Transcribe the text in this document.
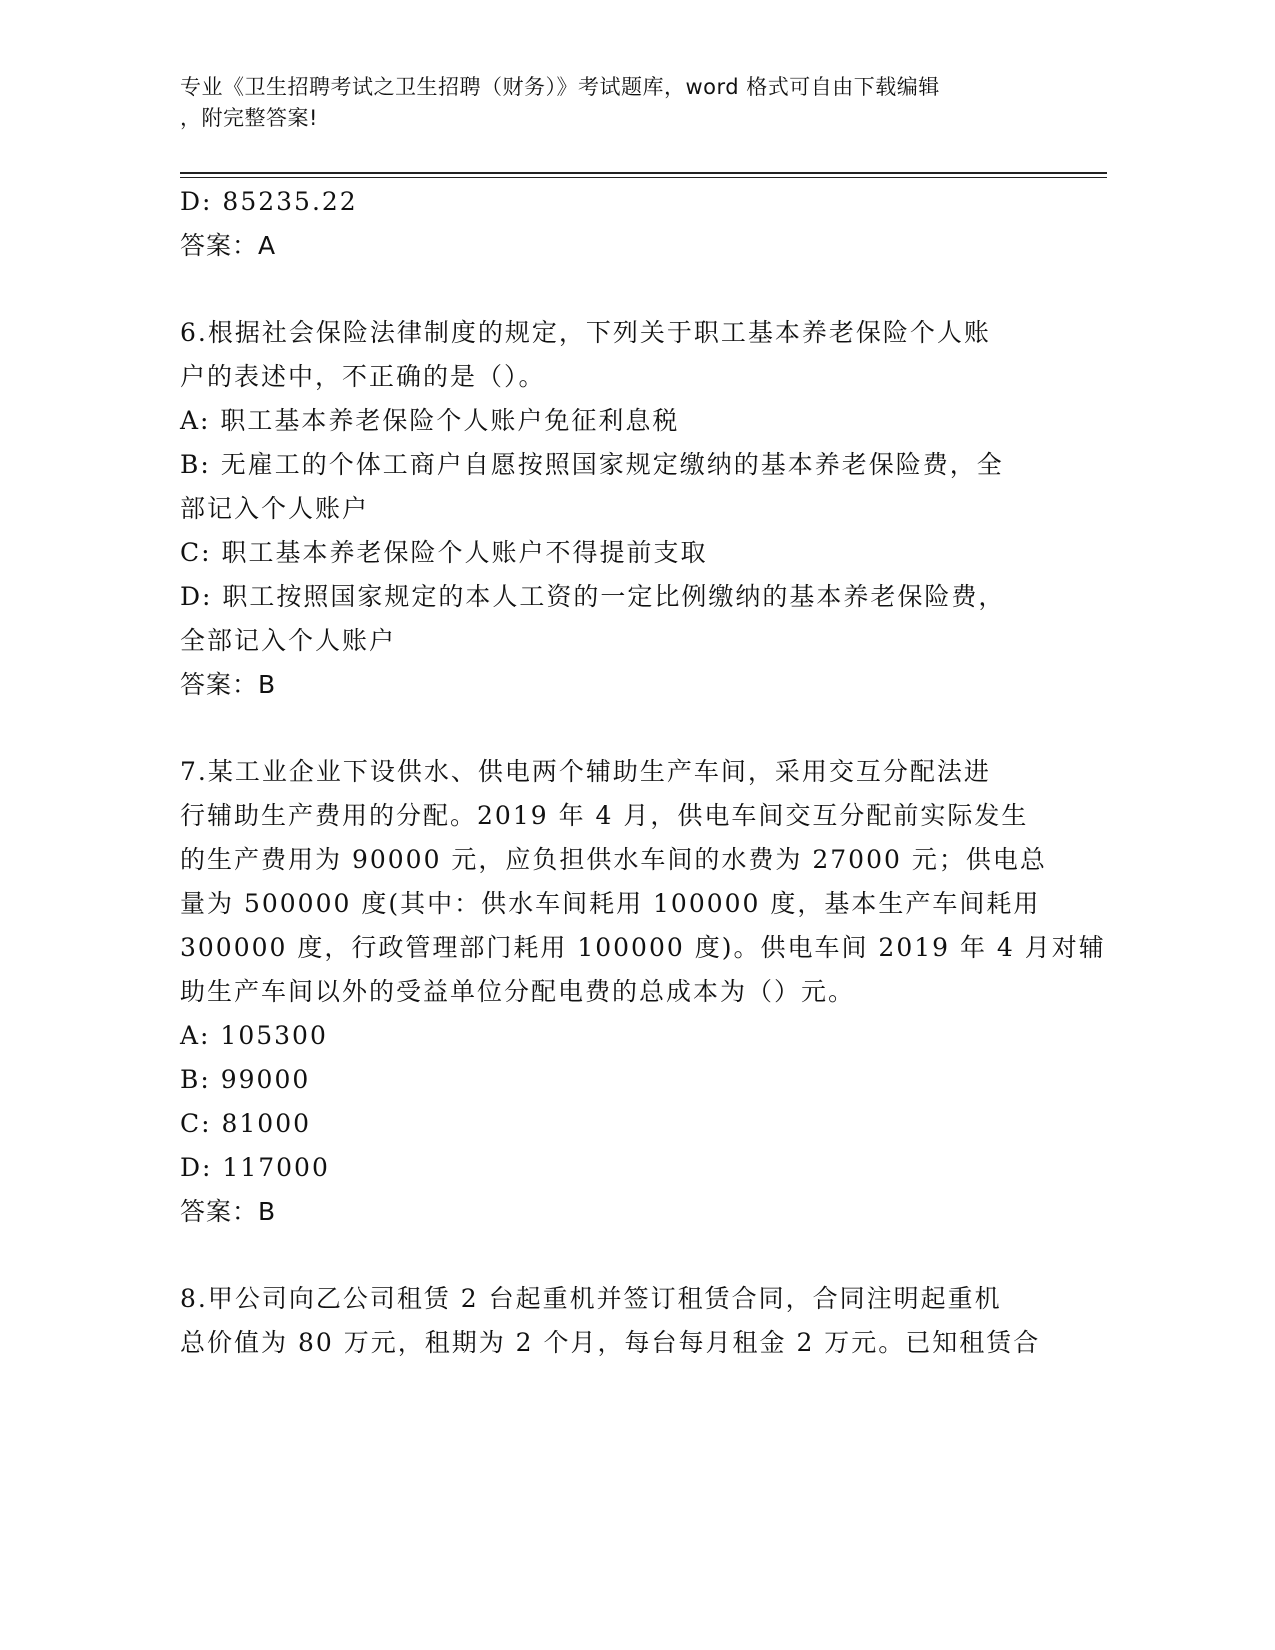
专业《卫生招聘考试之卫生招聘（财务）》考试题库，word 格式可自由下载编辑
，附完整答案!
D: 85235.22
答案：A
6.根据社会保险法律制度的规定，下列关于职工基本养老保险个人账
户的表述中，不正确的是（）。
A: 职工基本养老保险个人账户免征利息税
B: 无雇工的个体工商户自愿按照国家规定缴纳的基本养老保险费，全
部记入个人账户
C: 职工基本养老保险个人账户不得提前支取
D: 职工按照国家规定的本人工资的一定比例缴纳的基本养老保险费，
全部记入个人账户
答案：B
7.某工业企业下设供水、供电两个辅助生产车间，采用交互分配法进
行辅助生产费用的分配。2019 年 4 月，供电车间交互分配前实际发生
的生产费用为 90000 元，应负担供水车间的水费为 27000 元；供电总
量为 500000 度(其中：供水车间耗用 100000 度，基本生产车间耗用
300000 度，行政管理部门耗用 100000 度)。供电车间 2019 年 4 月对辅
助生产车间以外的受益单位分配电费的总成本为（）元。
A: 105300
B: 99000
C: 81000
D: 117000
答案：B
8.甲公司向乙公司租赁 2 台起重机并签订租赁合同，合同注明起重机
总价值为 80 万元，租期为 2 个月，每台每月租金 2 万元。已知租赁合
